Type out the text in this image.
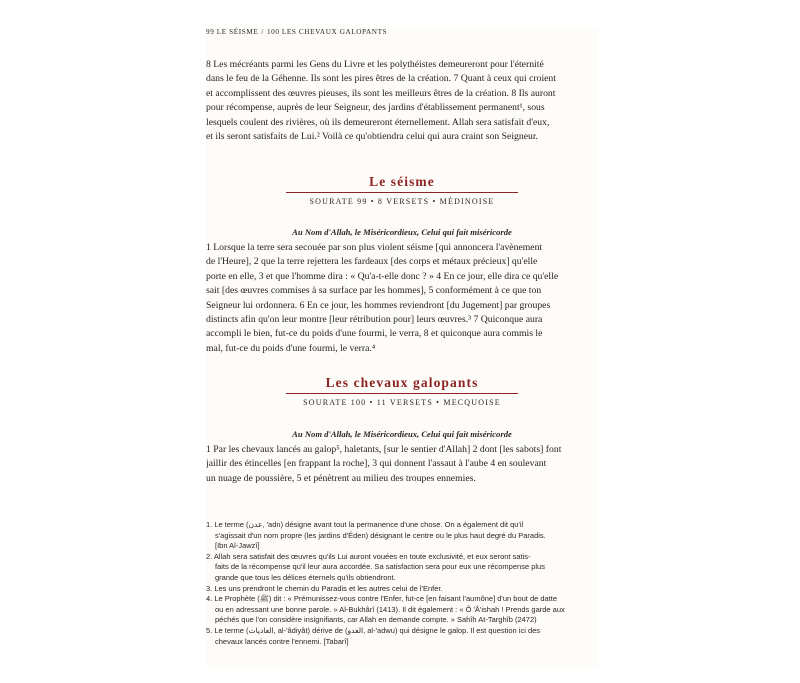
99 LE SÉISME / 100 LES CHEVAUX GALOPANTS
8 Les mécréants parmi les Gens du Livre et les polythéistes demeureront pour l'éternité
dans le feu de la Géhenne. Ils sont les pires êtres de la création. 7 Quant à ceux qui croient
et accomplissent des œuvres pieuses, ils sont les meilleurs êtres de la création. 8 Ils auront
pour récompense, auprès de leur Seigneur, des jardins d'établissement permanent¹, sous
lesquels coulent des rivières, où ils demeureront éternellement. Allah sera satisfait d'eux,
et ils seront satisfaits de Lui.² Voilà ce qu'obtiendra celui qui aura craint son Seigneur.
Le séisme
SOURATE 99 • 8 VERSETS • MÉDINOISE
Au Nom d'Allah, le Miséricordieux, Celui qui fait miséricorde
1 Lorsque la terre sera secouée par son plus violent séisme [qui annoncera l'avènement
de l'Heure], 2 que la terre rejettera les fardeaux [des corps et métaux précieux] qu'elle
porte en elle, 3 et que l'homme dira : « Qu'a-t-elle donc ? » 4 En ce jour, elle dira ce qu'elle
sait [des œuvres commises à sa surface par les hommes], 5 conformément à ce que ton
Seigneur lui ordonnera. 6 En ce jour, les hommes reviendront [du Jugement] par groupes
distincts afin qu'on leur montre [leur rétribution pour] leurs œuvres.³ 7 Quiconque aura
accompli le bien, fut-ce du poids d'une fourmi, le verra, 8 et quiconque aura commis le
mal, fut-ce du poids d'une fourmi, le verra.⁴
Les chevaux galopants
SOURATE 100 • 11 VERSETS • MECQUOISE
Au Nom d'Allah, le Miséricordieux, Celui qui fait miséricorde
1 Par les chevaux lancés au galop⁵, haletants, [sur le sentier d'Allah] 2 dont [les sabots] font
jaillir des étincelles [en frappant la roche], 3 qui donnent l'assaut à l'aube 4 en soulevant
un nuage de poussière, 5 et pénètrent au milieu des troupes ennemies.
1. Le terme (عدن, 'adn) désigne avant tout la permanence d'une chose. On a également dit qu'il
s'agissait d'un nom propre (les jardins d'Éden) désignant le centre ou le plus haut degré du Paradis.
[Ibn Al-Jawzî]
2. Allah sera satisfait des œuvres qu'ils Lui auront vouées en toute exclusivité, et eux seront satis-
faits de la récompense qu'il leur aura accordée. Sa satisfaction sera pour eux une récompense plus
grande que tous les délices éternels qu'ils obtiendront.
3. Les uns prendront le chemin du Paradis et les autres celui de l'Enfer.
4. Le Prophète (ﷺ) dit : « Prémunissez-vous contre l'Enfer, fut-ce [en faisant l'aumône] d'un bout de datte
ou en adressant une bonne parole. » Al-Bukhârî (1413). Il dit également : « Ô 'Â'ishah ! Prends garde aux
péchés que l'on considère insignifiants, car Allah en demande compte. » Sahîh At-Targhîb (2472)
5. Le terme (العاديات, al-'âdiyât) dérive de (العدو, al-'adwu) qui désigne le galop. Il est question ici des
chevaux lancés contre l'ennemi. [Tabarî]
